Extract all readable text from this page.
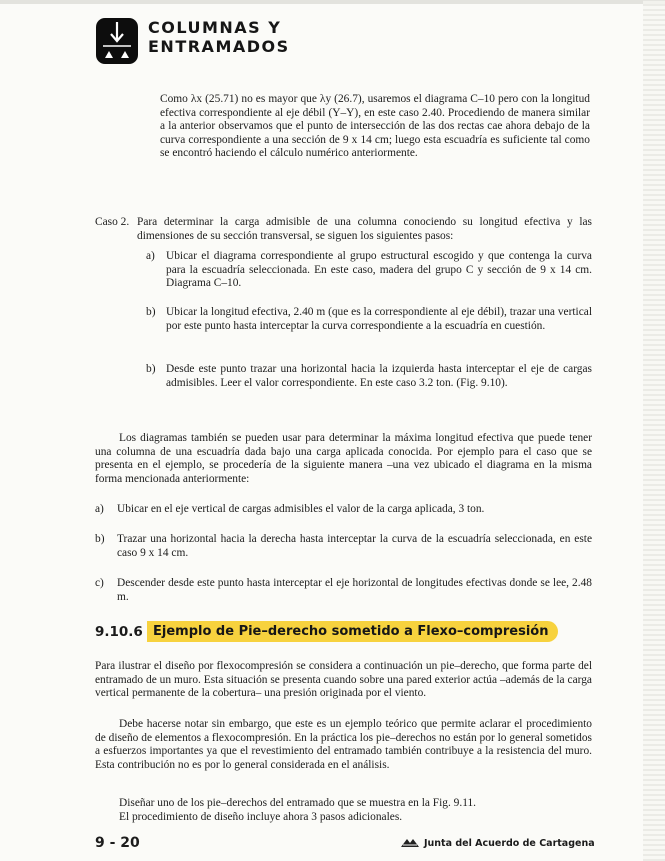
COLUMNAS Y
ENTRAMADOS

Como λx (25.71) no es mayor que λy (26.7), usaremos el diagrama C–10 pero con la longitud efectiva correspondiente al eje débil (Y–Y), en este caso 2.40. Procediendo de manera similar a la anterior observamos que el punto de intersección de las dos rectas cae ahora debajo de la curva correspondiente a una sección de 9 x 14 cm; luego esta escuadría es suficiente tal como se encontró haciendo el cálculo numérico anteriormente.

Caso 2. Para determinar la carga admisible de una columna conociendo su longitud efectiva y las dimensiones de su sección transversal, se siguen los siguientes pasos:

a) Ubicar el diagrama correspondiente al grupo estructural escogido y que contenga la curva para la escuadría seleccionada. En este caso, madera del grupo C y sección de 9 x 14 cm. Diagrama C–10.

b) Ubicar la longitud efectiva, 2.40 m (que es la correspondiente al eje débil), trazar una vertical por este punto hasta interceptar la curva correspondiente a la escuadría en cuestión.

b) Desde este punto trazar una horizontal hacia la izquierda hasta interceptar el eje de cargas admisibles. Leer el valor correspondiente. En este caso 3.2 ton. (Fig. 9.10).

Los diagramas también se pueden usar para determinar la máxima longitud efectiva que puede tener una columna de una escuadría dada bajo una carga aplicada conocida. Por ejemplo para el caso que se presenta en el ejemplo, se procedería de la siguiente manera –una vez ubicado el diagrama en la misma forma mencionada anteriormente:

a) Ubicar en el eje vertical de cargas admisibles el valor de la carga aplicada, 3 ton.

b) Trazar una horizontal hacia la derecha hasta interceptar la curva de la escuadría seleccionada, en este caso 9 x 14 cm.

c) Descender desde este punto hasta interceptar el eje horizontal de longitudes efectivas donde se lee, 2.48 m.

9.10.6 Ejemplo de Pie–derecho sometido a Flexo–compresión

Para ilustrar el diseño por flexocompresión se considera a continuación un pie–derecho, que forma parte del entramado de un muro. Esta situación se presenta cuando sobre una pared exterior actúa –además de la carga vertical permanente de la cobertura– una presión originada por el viento.

Debe hacerse notar sin embargo, que este es un ejemplo teórico que permite aclarar el procedimiento de diseño de elementos a flexocompresión. En la práctica los pie–derechos no están por lo general sometidos a esfuerzos importantes ya que el revestimiento del entramado también contribuye a la resistencia del muro. Esta contribución no es por lo general considerada en el análisis.

Diseñar uno de los pie–derechos del entramado que se muestra en la Fig. 9.11.

El procedimiento de diseño incluye ahora 3 pasos adicionales.

9 - 20	Junta del Acuerdo de Cartagena
